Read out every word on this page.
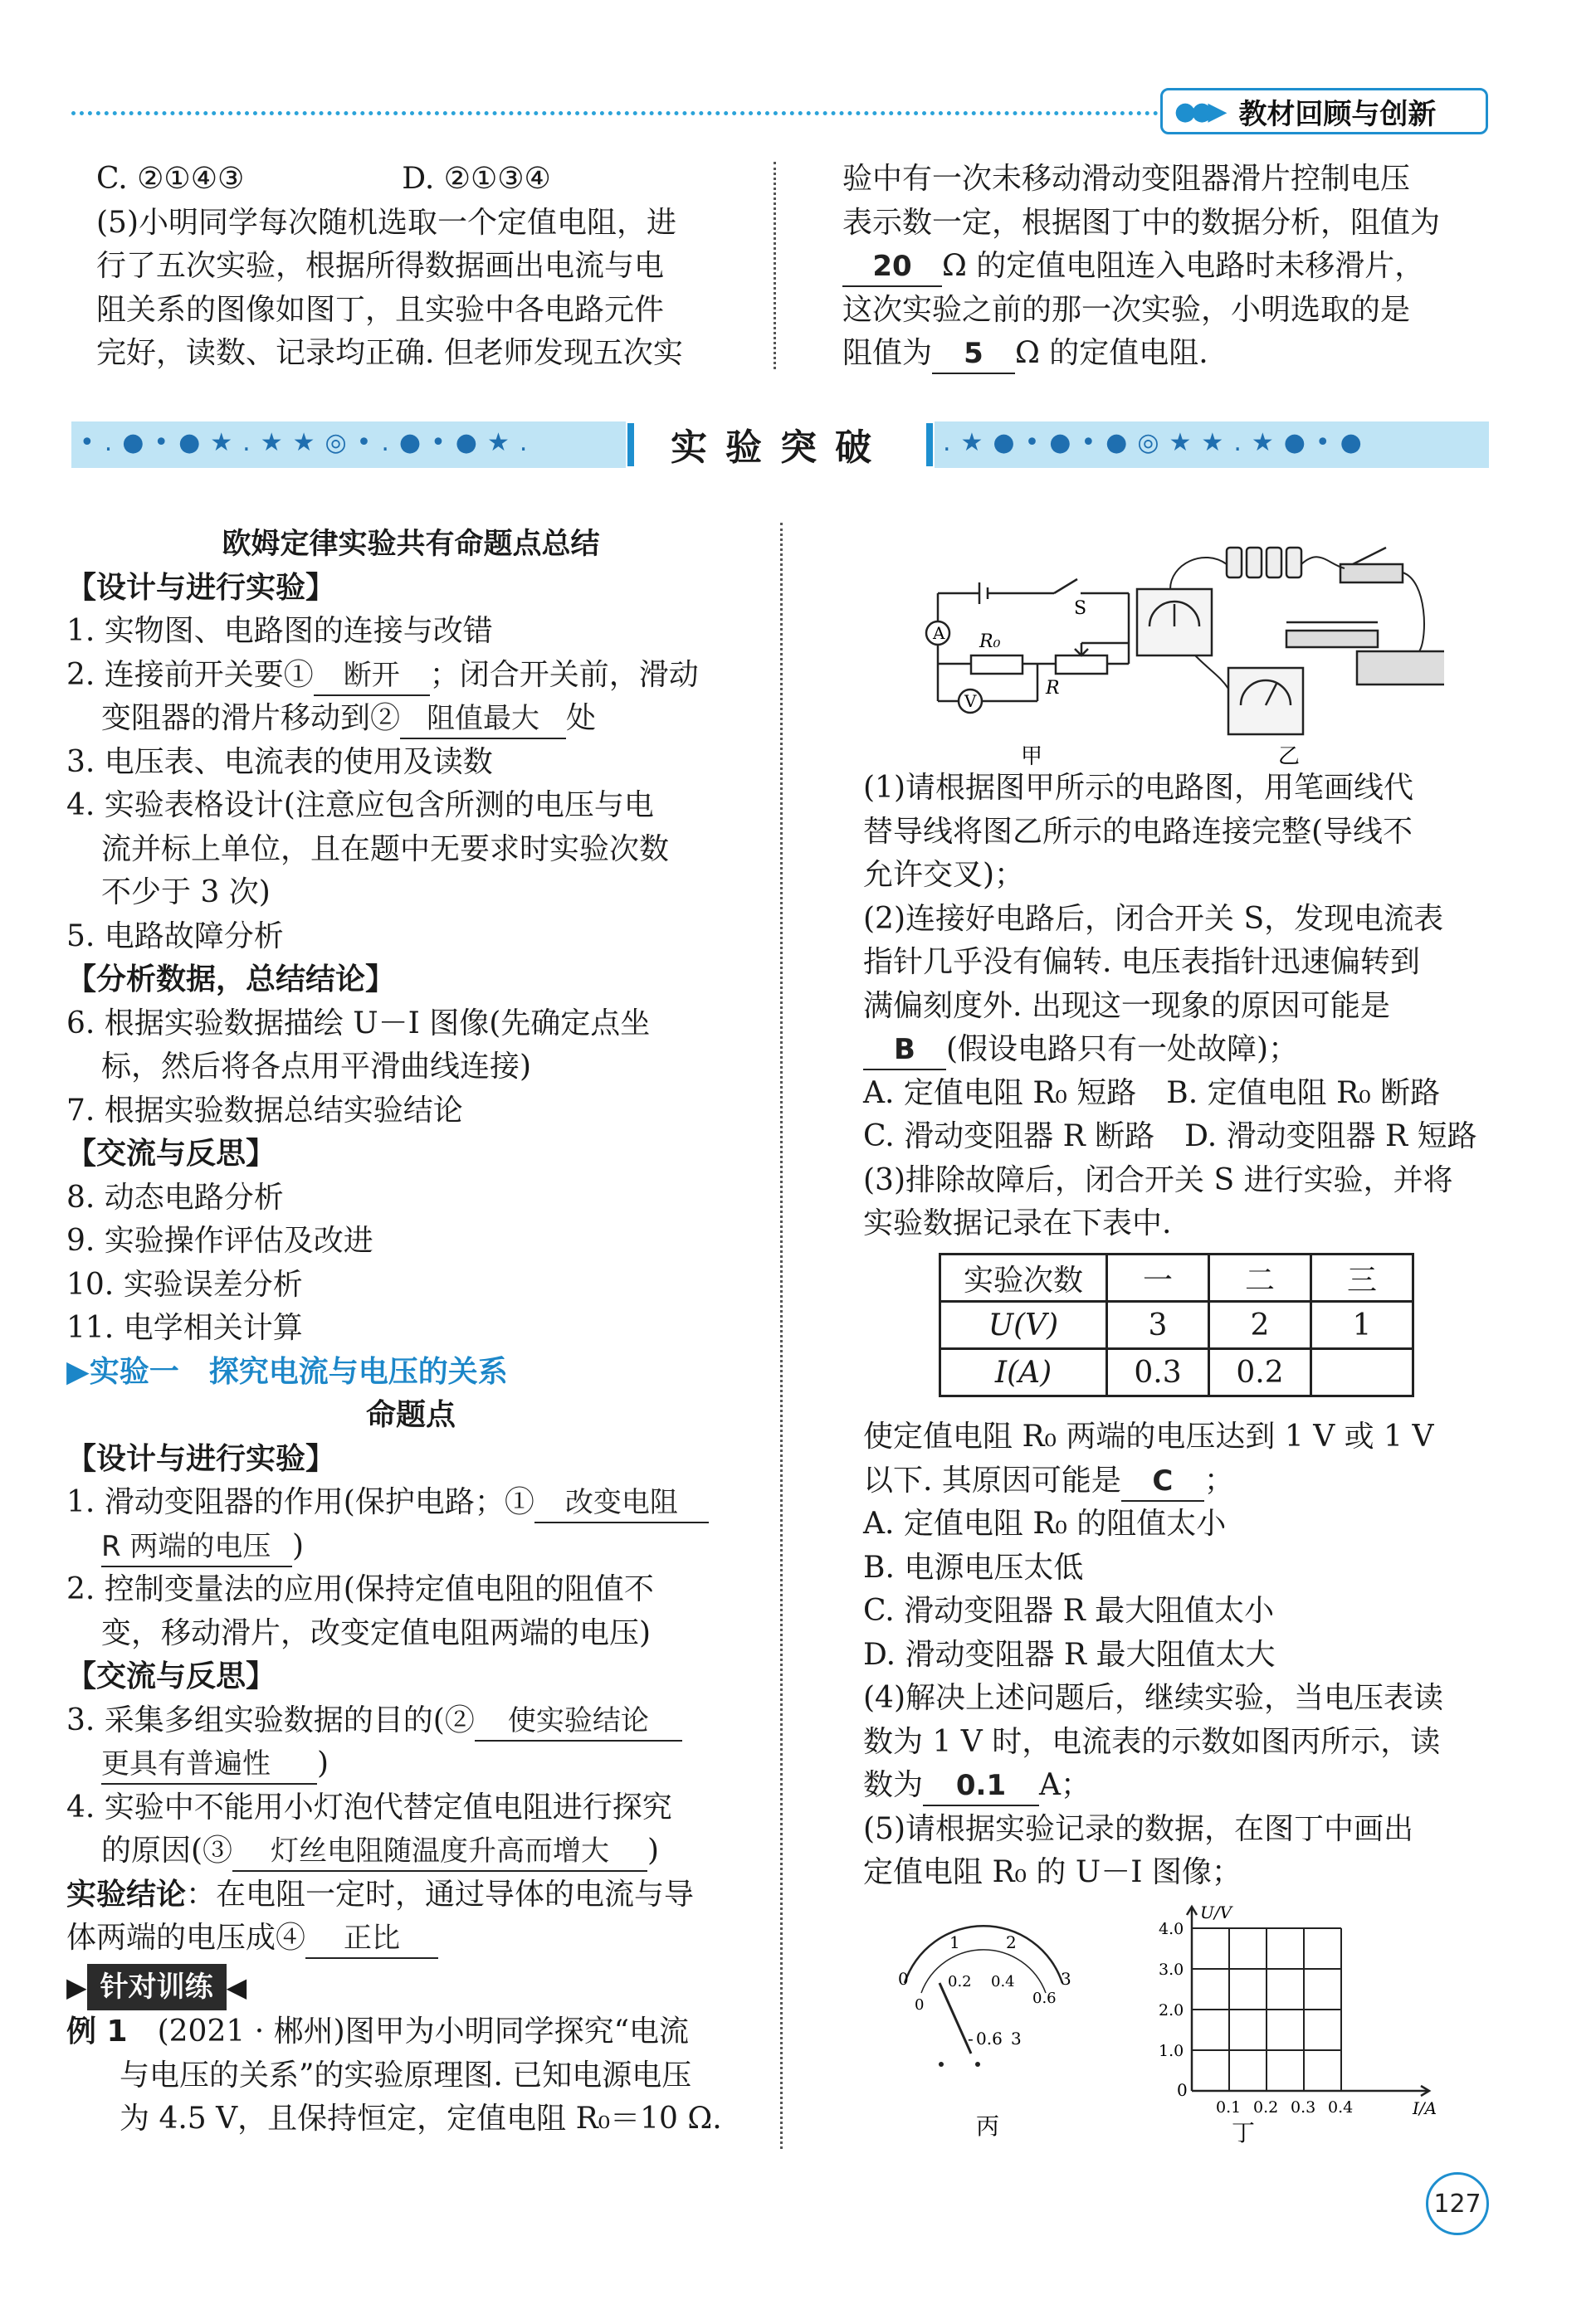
●●▶ 教材回顾与创新

C. ②①④③	D. ②①③④

(5)小明同学每次随机选取一个定值电阻，进

行了五次实验，根据所得数据画出电流与电

阻关系的图像如图丁，且实验中各电路元件

完好，读数、记录均正确. 但老师发现五次实

验中有一次未移动滑动变阻器滑片控制电压

表示数一定，根据图丁中的数据分析，阻值为

20 Ω 的定值电阻连入电路时未移滑片，

这次实验之前的那一次实验，小明选取的是

阻值为 5 Ω 的定值电阻.

•.●•●★.★★◎•.●•●★.	实验突破	.★●•●•●◎★★.★●•●

欧姆定律实验共有命题点总结

【设计与进行实验】

1. 实物图、电路图的连接与改错

2. 连接前开关要① 断开 ；闭合开关前，滑动

变阻器的滑片移动到② 阻值最大 处

3. 电压表、电流表的使用及读数

4. 实验表格设计(注意应包含所测的电压与电

流并标上单位，且在题中无要求时实验次数

不少于 3 次)

5. 电路故障分析

【分析数据，总结结论】

6. 根据实验数据描绘 U－I 图像(先确定点坐

标，然后将各点用平滑曲线连接)

7. 根据实验数据总结实验结论

【交流与反思】

8. 动态电路分析

9. 实验操作评估及改进

10. 实验误差分析

11. 电学相关计算

▶实验一　探究电流与电压的关系

命题点

【设计与进行实验】

1. 滑动变阻器的作用(保护电路；① 改变电阻

R 两端的电压 )

2. 控制变量法的应用(保持定值电阻的阻值不

变，移动滑片，改变定值电阻两端的电压)

【交流与反思】

3. 采集多组实验数据的目的(② 使实验结论

更具有普遍性 )

4. 实验中不能用小灯泡代替定值电阻进行探究

的原因(③ 灯丝电阻随温度升高而增大 )

实验结论：在电阻一定时，通过导体的电流与导

体两端的电压成④ 正比

▶ 针对训练 ◀

例 1　 (2021 · 郴州)图甲为小明同学探究“电流

与电压的关系”的实验原理图. 已知电源电压

为 4.5 V，且保持恒定，定值电阻 R₀＝10 Ω.

A
V
S
R₀
R
甲	乙

(1)请根据图甲所示的电路图，用笔画线代

替导线将图乙所示的电路连接完整(导线不

允许交叉)；

(2)连接好电路后，闭合开关 S，发现电流表

指针几乎没有偏转. 电压表指针迅速偏转到

满偏刻度外. 出现这一现象的原因可能是

B (假设电路只有一处故障)；

A. 定值电阻 R₀ 短路　B. 定值电阻 R₀ 断路

C. 滑动变阻器 R 断路　D. 滑动变阻器 R 短路

(3)排除故障后，闭合开关 S 进行实验，并将

实验数据记录在下表中.

实验次数	一	二	三
U(V)	3	2	1
I(A)	0.3	0.2	

使定值电阻 R₀ 两端的电压达到 1 V 或 1 V

以下. 其原因可能是 C ；

A. 定值电阻 R₀ 的阻值太小

B. 电源电压太低

C. 滑动变阻器 R 最大阻值太小

D. 滑动变阻器 R 最大阻值太大

(4)解决上述问题后，继续实验，当电压表读

数为 1 V 时，电流表的示数如图丙所示，读

数为 0.1 A；

(5)请根据实验记录的数据，在图丁中画出

定值电阻 R₀ 的 U－I 图像；

0
1	2
3
0.2 0.4
0.6
0
- 0.6 3
丙
0.1 0.2 0.3 0.4
1.0
2.0
3.0
4.0
U/V
I/A
0
丁
127
